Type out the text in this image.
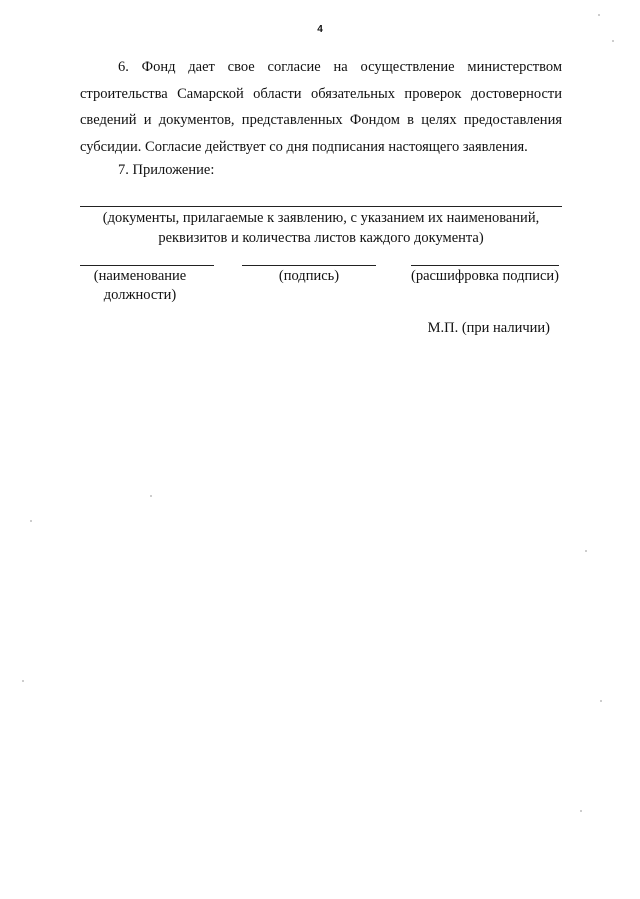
4

6. Фонд дает свое согласие на осуществление министерством строительства Самарской области обязательных проверок достоверности сведений и документов, представленных Фондом в целях предоставления субсидии. Согласие действует со дня подписания настоящего заявления.

7. Приложение:

(документы, прилагаемые к заявлению, с указанием их наименований, реквизитов и количества листов каждого документа)

(наименование должности)

(подпись)	(расшифровка подписи)

М.П. (при наличии)
